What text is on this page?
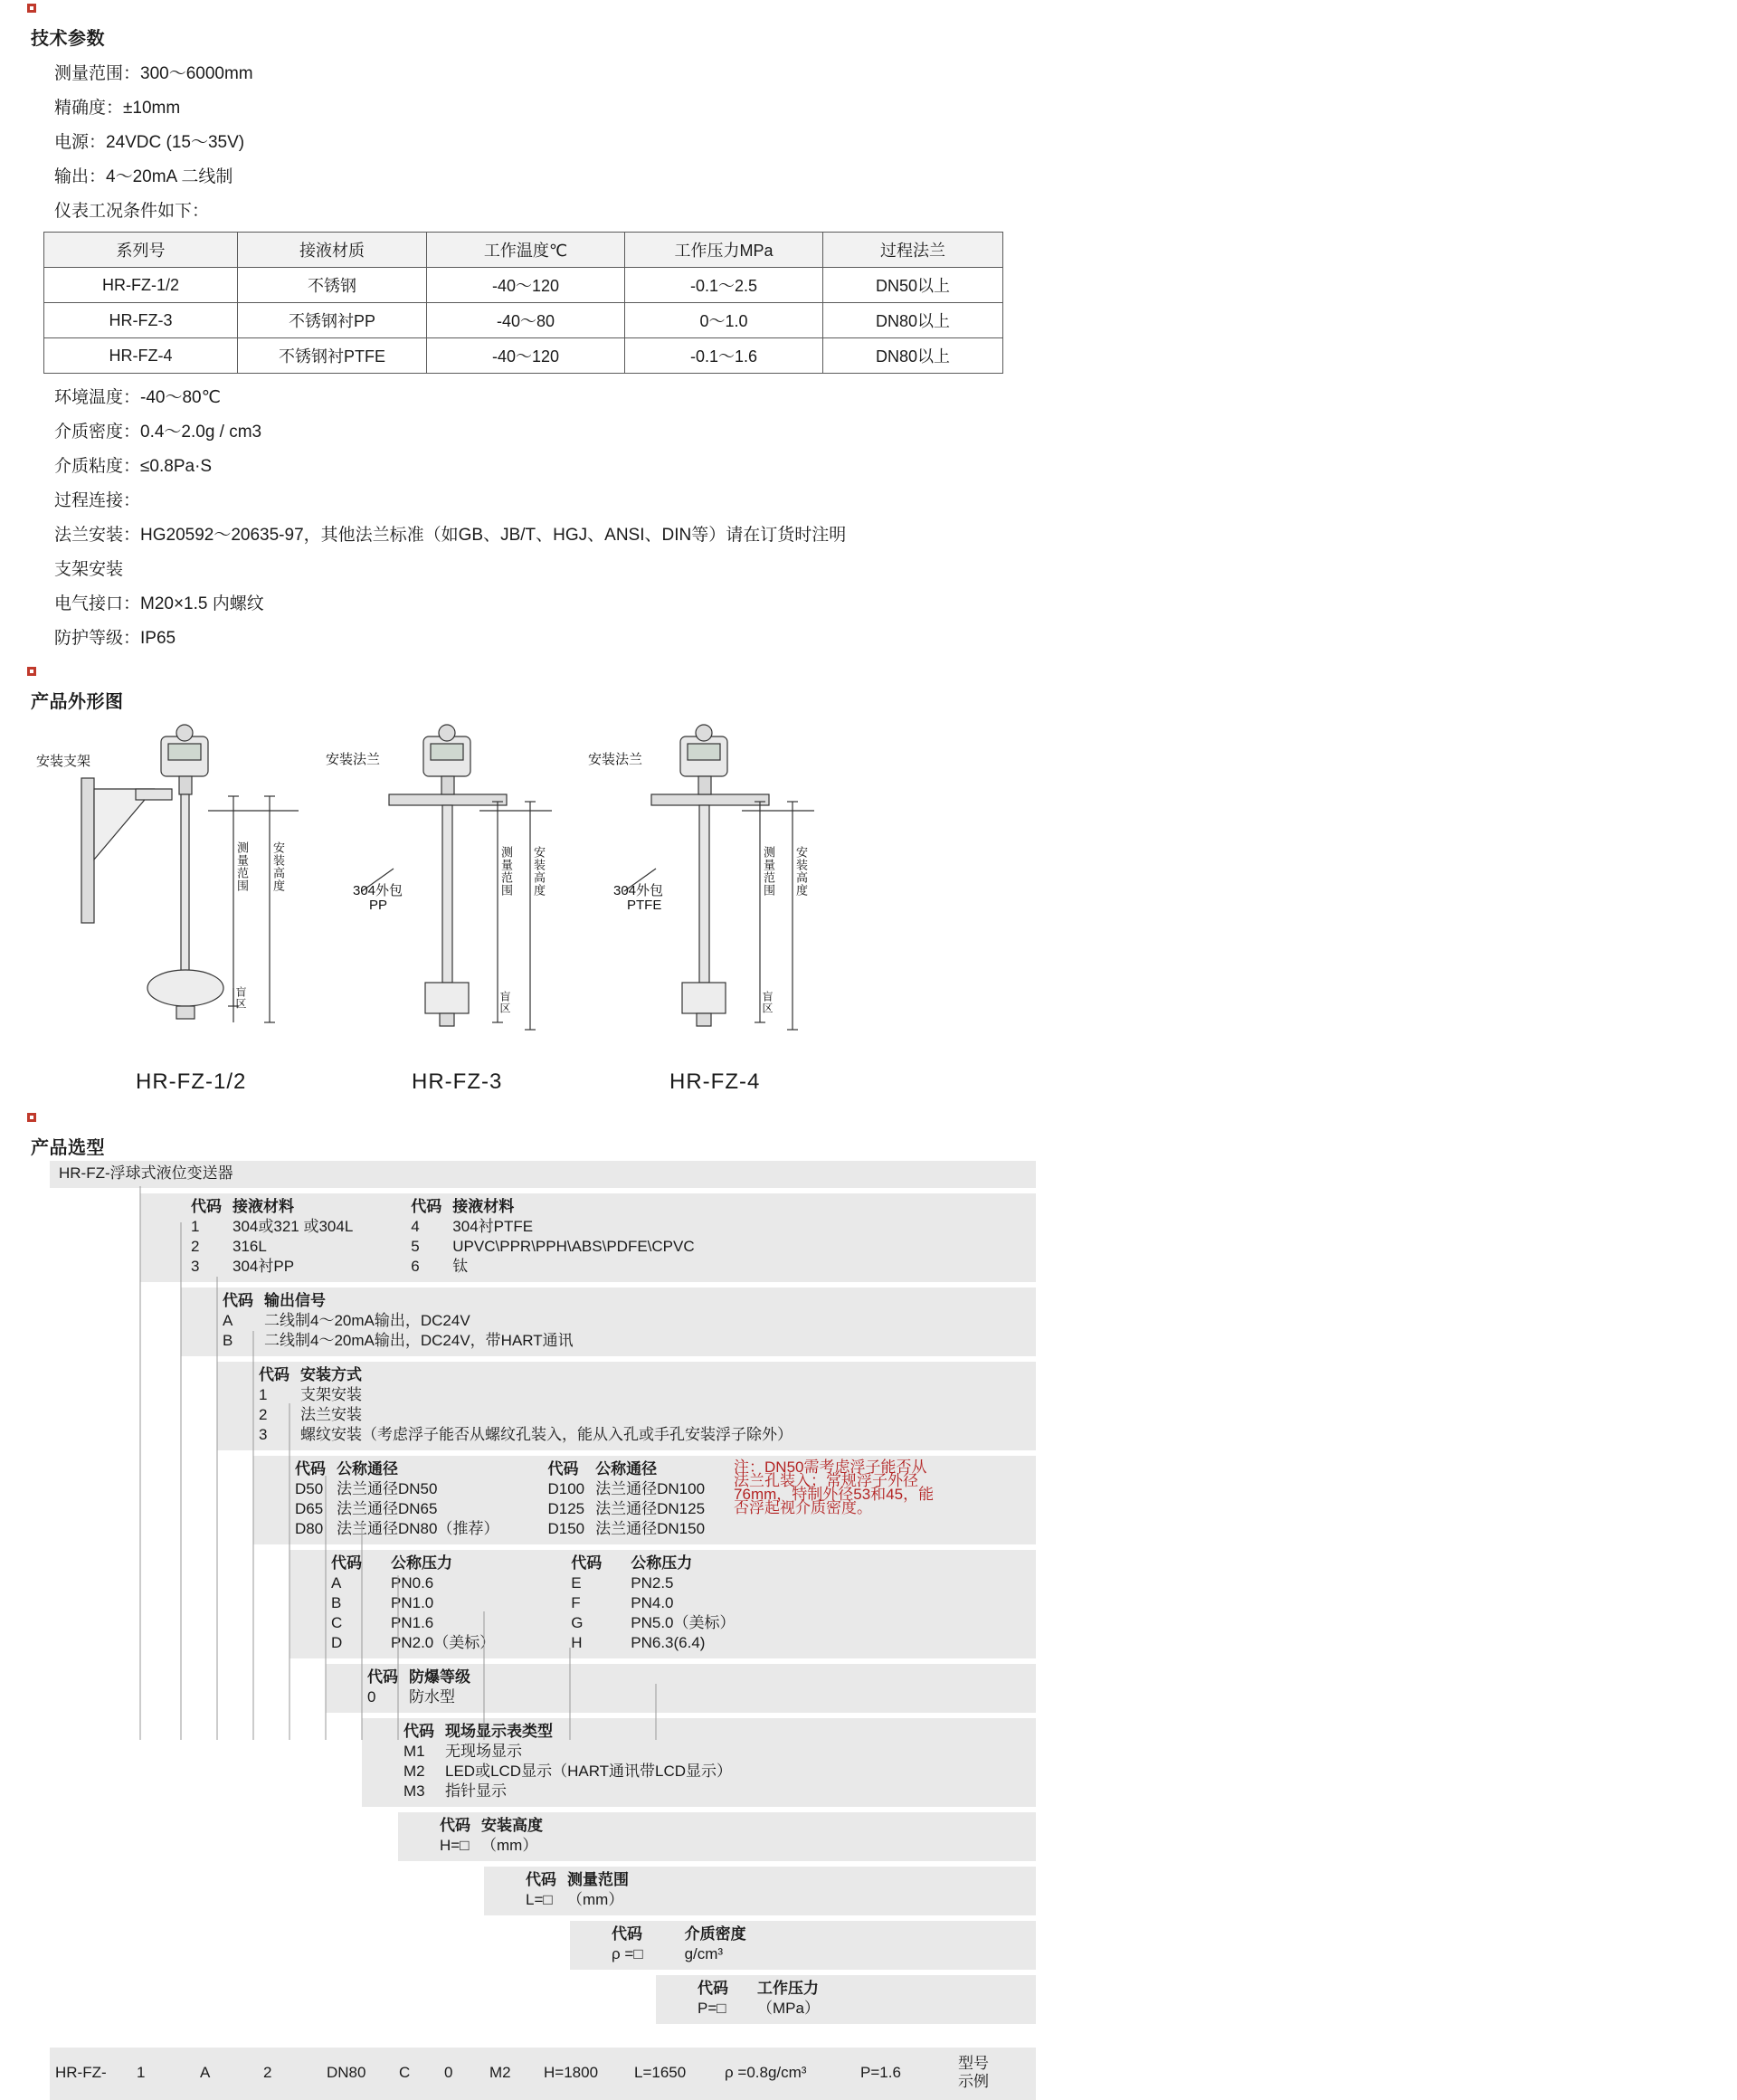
技术参数
测量范围：300～6000mm
精确度：±10mm
电源：24VDC (15～35V)
输出：4～20mA 二线制
仪表工况条件如下：
系列号	接液材质	工作温度℃	工作压力MPa	过程法兰
HR-FZ-1/2	不锈钢	-40～120	-0.1～2.5	DN50以上
HR-FZ-3	不锈钢衬PP	-40～80	0～1.0	DN80以上
HR-FZ-4	不锈钢衬PTFE	-40～120	-0.1～1.6	DN80以上
环境温度：-40～80℃
介质密度：0.4～2.0g / cm3
介质粘度：≤0.8Pa·S
过程连接：
法兰安装：HG20592～20635-97，其他法兰标准（如GB、JB/T、HGJ、ANSI、DIN等）请在订货时注明
支架安装
电气接口：M20×1.5 内螺纹
防护等级：IP65
产品外形图
安装支架	安装法兰
304外包
PP
安装法兰
304外包
PTFE
测量范围 安装高度
盲区
测量范围 安装高度
盲区
测量范围 安装高度
盲区
HR-FZ-1/2	HR-FZ-3	HR-FZ-4
产品选型
HR-FZ-浮球式液位变送器
代码	接液材料		代码	接液材料
1	304或321 或304L		4	304衬PTFE
2	316L		5	UPVC\PPR\PPH\ABS\PDFE\CPVC
3	304衬PP		6	钛
代码	输出信号
A	二线制4～20mA输出，DC24V
B	二线制4～20mA输出，DC24V，带HART通讯
代码	安装方式
1	支架安装
2	法兰安装
3	螺纹安装（考虑浮子能否从螺纹孔装入，能从入孔或手孔安装浮子除外）
代码	公称通径		代码	公称通径	注：DN50需考虑浮子能否从法兰孔装入；常规浮子外径76mm，特制外径53和45，能否浮起视介质密度。
D50	法兰通径DN50		D100	法兰通径DN100	
D65	法兰通径DN65		D125	法兰通径DN125	
D80	法兰通径DN80（推荐）		D150	法兰通径DN150	
代码	公称压力		代码	公称压力
A	PN0.6		E	PN2.5
B	PN1.0		F	PN4.0
C	PN1.6		G	PN5.0（美标）
D	PN2.0（美标）		H	PN6.3(6.4)
代码	防爆等级
0	防水型
代码	现场显示表类型
M1	无现场显示
M2	LED或LCD显示（HART通讯带LCD显示）
M3	指针显示
代码	安装高度
H=□	（mm）
代码	测量范围
L=□	（mm）
代码	介质密度
ρ =□	g/cm³
代码	工作压力
P=□	（MPa）
HR-FZ-	1	A	2	DN80	C	0	M2	H=1800	L=1650	ρ =0.8g/cm³	P=1.6	型号示例
